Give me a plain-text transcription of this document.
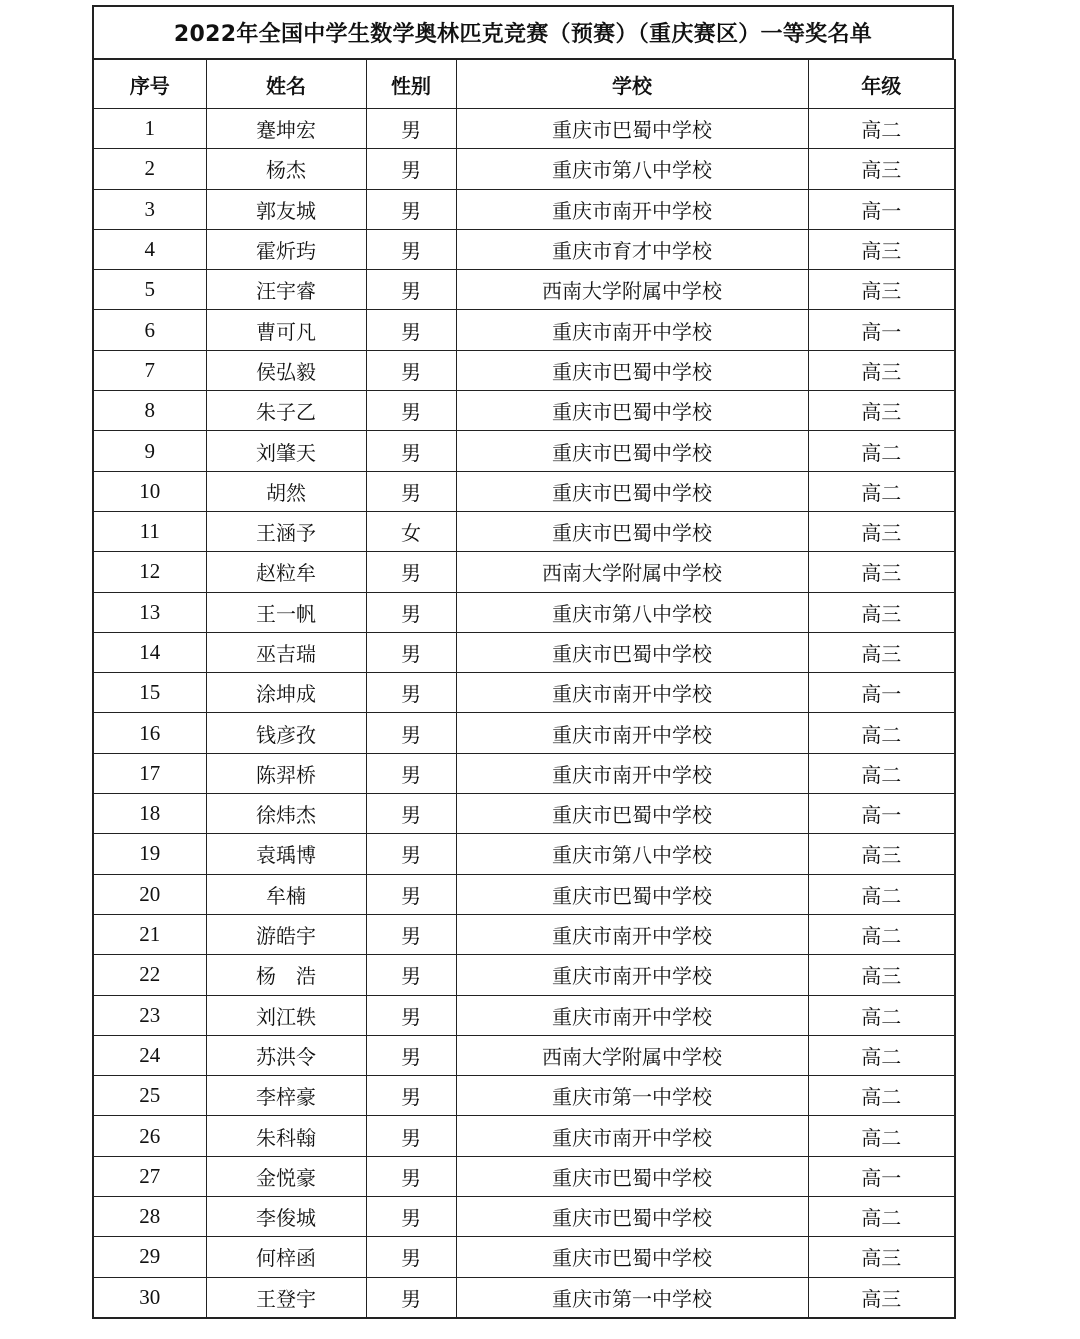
2022年全国中学生数学奥林匹克竞赛（预赛）（重庆赛区）一等奖名单
序号	姓名	性别	学校	年级
1	蹇坤宏	男	重庆市巴蜀中学校	高二
2	杨杰	男	重庆市第八中学校	高三
3	郭友城	男	重庆市南开中学校	高一
4	霍炘玙	男	重庆市育才中学校	高三
5	汪宇睿	男	西南大学附属中学校	高三
6	曹可凡	男	重庆市南开中学校	高一
7	侯弘毅	男	重庆市巴蜀中学校	高三
8	朱子乙	男	重庆市巴蜀中学校	高三
9	刘肇天	男	重庆市巴蜀中学校	高二
10	胡然	男	重庆市巴蜀中学校	高二
11	王涵予	女	重庆市巴蜀中学校	高三
12	赵粒牟	男	西南大学附属中学校	高三
13	王一帆	男	重庆市第八中学校	高三
14	巫吉瑞	男	重庆市巴蜀中学校	高三
15	涂坤成	男	重庆市南开中学校	高一
16	钱彦孜	男	重庆市南开中学校	高二
17	陈羿桥	男	重庆市南开中学校	高二
18	徐炜杰	男	重庆市巴蜀中学校	高一
19	袁瑀博	男	重庆市第八中学校	高三
20	牟楠	男	重庆市巴蜀中学校	高二
21	游皓宇	男	重庆市南开中学校	高二
22	杨　浩	男	重庆市南开中学校	高三
23	刘江轶	男	重庆市南开中学校	高二
24	苏洪令	男	西南大学附属中学校	高二
25	李梓豪	男	重庆市第一中学校	高二
26	朱科翰	男	重庆市南开中学校	高二
27	金悦豪	男	重庆市巴蜀中学校	高一
28	李俊城	男	重庆市巴蜀中学校	高二
29	何梓函	男	重庆市巴蜀中学校	高三
30	王登宇	男	重庆市第一中学校	高三
